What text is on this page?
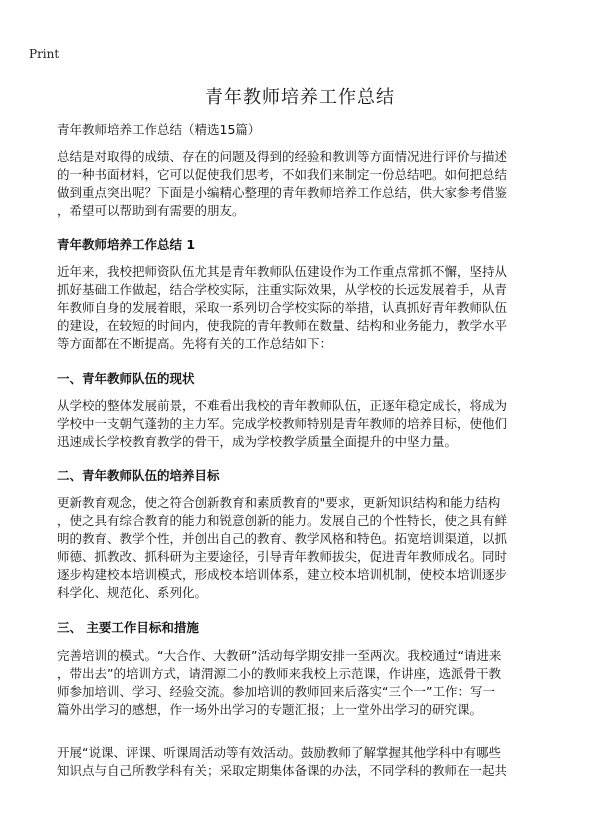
Print
青年教师培养工作总结
青年教师培养工作总结（精选15篇）

总结是对取得的成绩、存在的问题及得到的经验和教训等方面情况进行评价与描述
的一种书面材料，它可以促使我们思考，不如我们来制定一份总结吧。如何把总结
做到重点突出呢？下面是小编精心整理的青年教师培养工作总结，供大家参考借鉴
，希望可以帮助到有需要的朋友。

青年教师培养工作总结 1

近年来，我校把师资队伍尤其是青年教师队伍建设作为工作重点常抓不懈，坚持从
抓好基础工作做起，结合学校实际，注重实际效果，从学校的长远发展着手，从青
年教师自身的发展着眼，采取一系列切合学校实际的举措，认真抓好青年教师队伍
的建设，在较短的时间内，使我院的青年教师在数量、结构和业务能力，教学水平
等方面都在不断提高。先将有关的工作总结如下：

一、青年教师队伍的现状

从学校的整体发展前景，不难看出我校的青年教师队伍，正逐年稳定成长，将成为
学校中一支朝气蓬勃的主力军。完成学校教师特别是青年教师的培养目标，使他们
迅速成长学校教育教学的骨干，成为学校教学质量全面提升的中坚力量。

二、青年教师队伍的培养目标

更新教育观念，使之符合创新教育和素质教育的"要求，更新知识结构和能力结构
，使之具有综合教育的能力和锐意创新的能力。发展自己的个性特长，使之具有鲜
明的教育、教学个性，并创出自己的教育、教学风格和特色。拓宽培训渠道，以抓
师德、抓教改、抓科研为主要途径，引导青年教师拔尖，促进青年教师成名。同时
逐步构建校本培训模式，形成校本培训体系，建立校本培训机制，使校本培训逐步
科学化、规范化、系列化。

三、 主要工作目标和措施

完善培训的模式。“大合作、大教研”活动每学期安排一至两次。我校通过“请进来
，带出去”的培训方式，请渭源二小的教师来我校上示范课，作讲座，选派骨干教
师参加培训、学习、经验交流。参加培训的教师回来后落实“三个一”工作：写一
篇外出学习的感想，作一场外出学习的专题汇报；上一堂外出学习的研究课。

开展“说课、评课、听课周活动等有效活动。鼓励教师了解掌握其他学科中有哪些
知识点与自己所教学科有关；采取定期集体备课的办法，不同学科的教师在一起共
